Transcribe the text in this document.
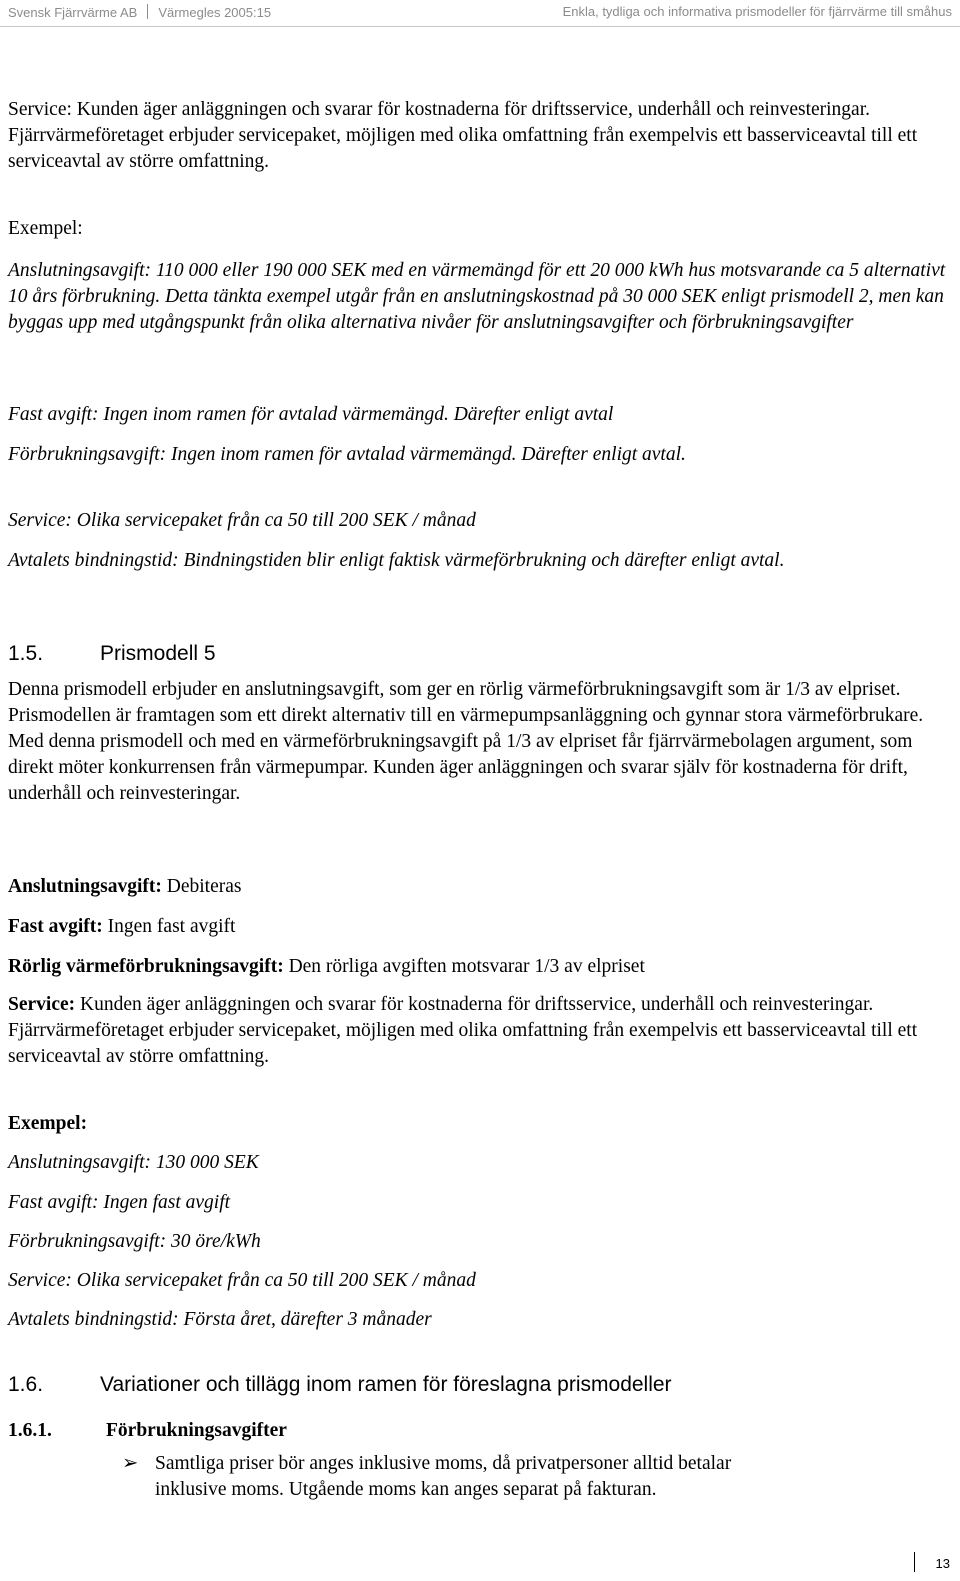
Svensk Fjärrvärme AB Värmegles 2005:15	Enkla, tydliga och informativa prismodeller för fjärrvärme till småhus

Service: Kunden äger anläggningen och svarar för kostnaderna för driftsservice, underhåll och reinvesteringar. Fjärrvärmeföretaget erbjuder servicepaket, möjligen med olika omfattning från exempelvis ett basserviceavtal till ett serviceavtal av större omfattning.

Exempel:

Anslutningsavgift: 110 000 eller 190 000 SEK med en värmemängd för ett 20 000 kWh hus motsvarande ca 5 alternativt 10 års förbrukning. Detta tänkta exempel utgår från en anslutningskostnad på 30 000 SEK enligt prismodell 2, men kan byggas upp med utgångspunkt från olika alternativa nivåer för anslutningsavgifter och förbrukningsavgifter

Fast avgift: Ingen inom ramen för avtalad värmemängd. Därefter enligt avtal

Förbrukningsavgift: Ingen inom ramen för avtalad värmemängd. Därefter enligt avtal.

Service: Olika servicepaket från ca 50 till 200 SEK / månad

Avtalets bindningstid: Bindningstiden blir enligt faktisk värmeförbrukning och därefter enligt avtal.

1.5.	Prismodell 5

Denna prismodell erbjuder en anslutningsavgift, som ger en rörlig värmeförbrukningsavgift som är 1/3 av elpriset. Prismodellen är framtagen som ett direkt alternativ till en värmepumpsanläggning och gynnar stora värmeförbrukare. Med denna prismodell och med en värmeförbrukningsavgift på 1/3 av elpriset får fjärrvärmebolagen argument, som direkt möter konkurrensen från värmepumpar. Kunden äger anläggningen och svarar själv för kostnaderna för drift, underhåll och reinvesteringar.

Anslutningsavgift: Debiteras

Fast avgift: Ingen fast avgift

Rörlig värmeförbrukningsavgift: Den rörliga avgiften motsvarar 1/3 av elpriset

Service: Kunden äger anläggningen och svarar för kostnaderna för driftsservice, underhåll och reinvesteringar. Fjärrvärmeföretaget erbjuder servicepaket, möjligen med olika omfattning från exempelvis ett basserviceavtal till ett serviceavtal av större omfattning.

Exempel:

Anslutningsavgift: 130 000 SEK

Fast avgift: Ingen fast avgift

Förbrukningsavgift: 30 öre/kWh

Service: Olika servicepaket från ca 50 till 200 SEK / månad

Avtalets bindningstid: Första året, därefter 3 månader

1.6.	Variationer och tillägg inom ramen för föreslagna prismodeller
1.6.1.	Förbrukningsavgifter
➢ Samtliga priser bör anges inklusive moms, då privatpersoner alltid betalar inklusive moms. Utgående moms kan anges separat på fakturan.

13
